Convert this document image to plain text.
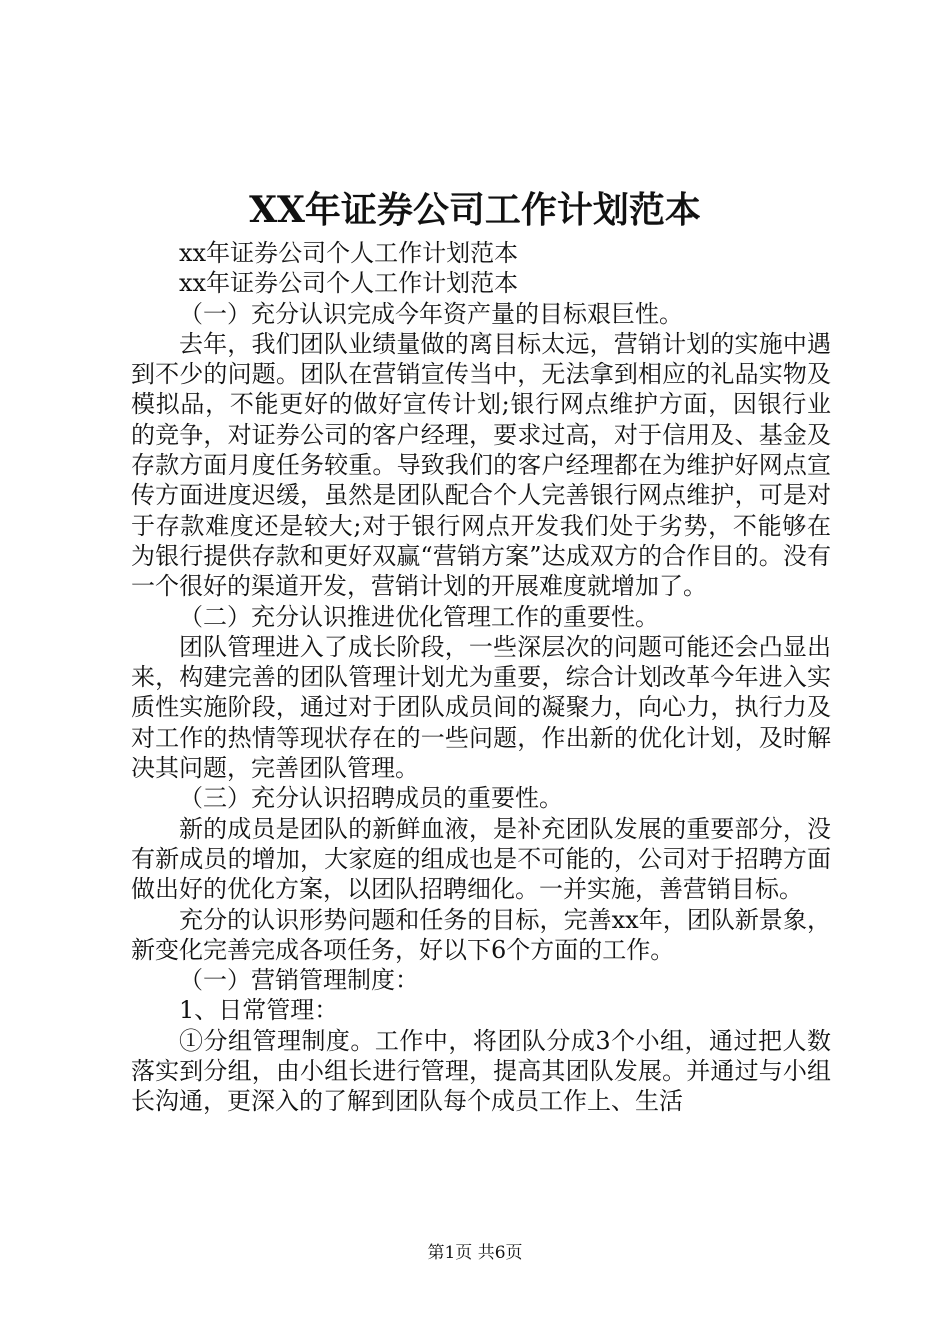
XX年证券公司工作计划范本

xx年证券公司个人工作计划范本

xx年证券公司个人工作计划范本

（一）充分认识完成今年资产量的目标艰巨性。

去年，我们团队业绩量做的离目标太远，营销计划的实施中遇到不少的问题。团队在营销宣传当中，无法拿到相应的礼品实物及模拟品，不能更好的做好宣传计划;银行网点维护方面，因银行业的竞争，对证券公司的客户经理，要求过高，对于信用及、基金及存款方面月度任务较重。导致我们的客户经理都在为维护好网点宣传方面进度迟缓，虽然是团队配合个人完善银行网点维护，可是对于存款难度还是较大;对于银行网点开发我们处于劣势，不能够在为银行提供存款和更好双赢“营销方案”达成双方的合作目的。没有一个很好的渠道开发，营销计划的开展难度就增加了。

（二）充分认识推进优化管理工作的重要性。

团队管理进入了成长阶段，一些深层次的问题可能还会凸显出来，构建完善的团队管理计划尤为重要，综合计划改革今年进入实质性实施阶段，通过对于团队成员间的凝聚力，向心力，执行力及对工作的热情等现状存在的一些问题，作出新的优化计划，及时解决其问题，完善团队管理。

（三）充分认识招聘成员的重要性。

新的成员是团队的新鲜血液，是补充团队发展的重要部分，没有新成员的增加，大家庭的组成也是不可能的，公司对于招聘方面做出好的优化方案，以团队招聘细化。一并实施，善营销目标。

充分的认识形势问题和任务的目标，完善xx年，团队新景象，新变化完善完成各项任务，好以下6个方面的工作。

（一）营销管理制度：

1、日常管理：

①分组管理制度。工作中，将团队分成3个小组，通过把人数落实到分组，由小组长进行管理，提高其团队发展。并通过与小组长沟通，更深入的了解到团队每个成员工作上、生活

第1页 共6页
